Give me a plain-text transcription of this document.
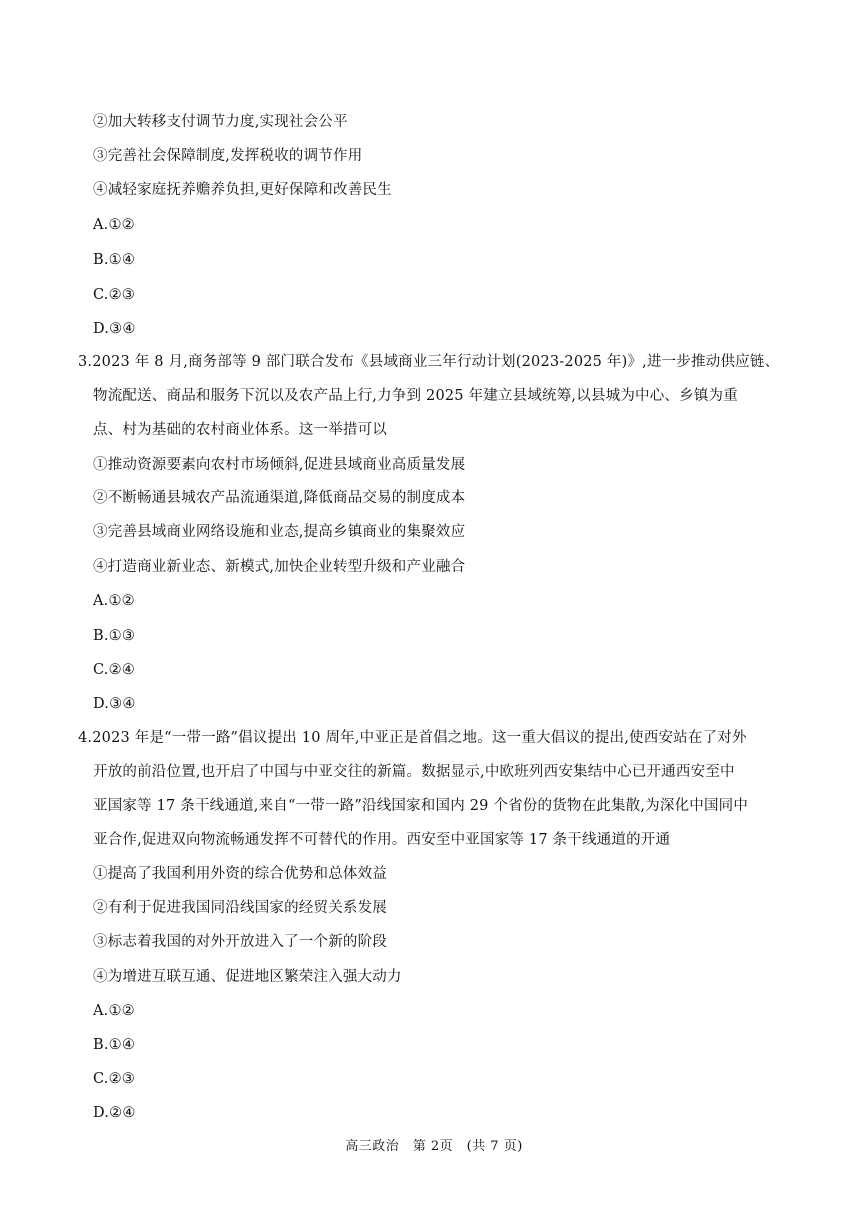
②加大转移支付调节力度,实现社会公平
③完善社会保障制度,发挥税收的调节作用
④减轻家庭抚养赡养负担,更好保障和改善民生
A.①②
B.①④
C.②③
D.③④
3.2023 年 8 月,商务部等 9 部门联合发布《县域商业三年行动计划(2023-2025 年)》,进一步推动供应链、
物流配送、商品和服务下沉以及农产品上行,力争到 2025 年建立县域统筹,以县城为中心、乡镇为重
点、村为基础的农村商业体系。这一举措可以
①推动资源要素向农村市场倾斜,促进县域商业高质量发展
②不断畅通县城农产品流通渠道,降低商品交易的制度成本
③完善县域商业网络设施和业态,提高乡镇商业的集聚效应
④打造商业新业态、新模式,加快企业转型升级和产业融合
A.①②
B.①③
C.②④
D.③④
4.2023 年是“一带一路”倡议提出 10 周年,中亚正是首倡之地。这一重大倡议的提出,使西安站在了对外
开放的前沿位置,也开启了中国与中亚交往的新篇。数据显示,中欧班列西安集结中心已开通西安至中
亚国家等 17 条干线通道,来自“一带一路”沿线国家和国内 29 个省份的货物在此集散,为深化中国同中
亚合作,促进双向物流畅通发挥不可替代的作用。西安至中亚国家等 17 条干线通道的开通
①提高了我国利用外资的综合优势和总体效益
②有利于促进我国同沿线国家的经贸关系发展
③标志着我国的对外开放进入了一个新的阶段
④为增进互联互通、促进地区繁荣注入强大动力
A.①②
B.①④
C.②③
D.②④
高三政治　第 2页　(共 7 页)
